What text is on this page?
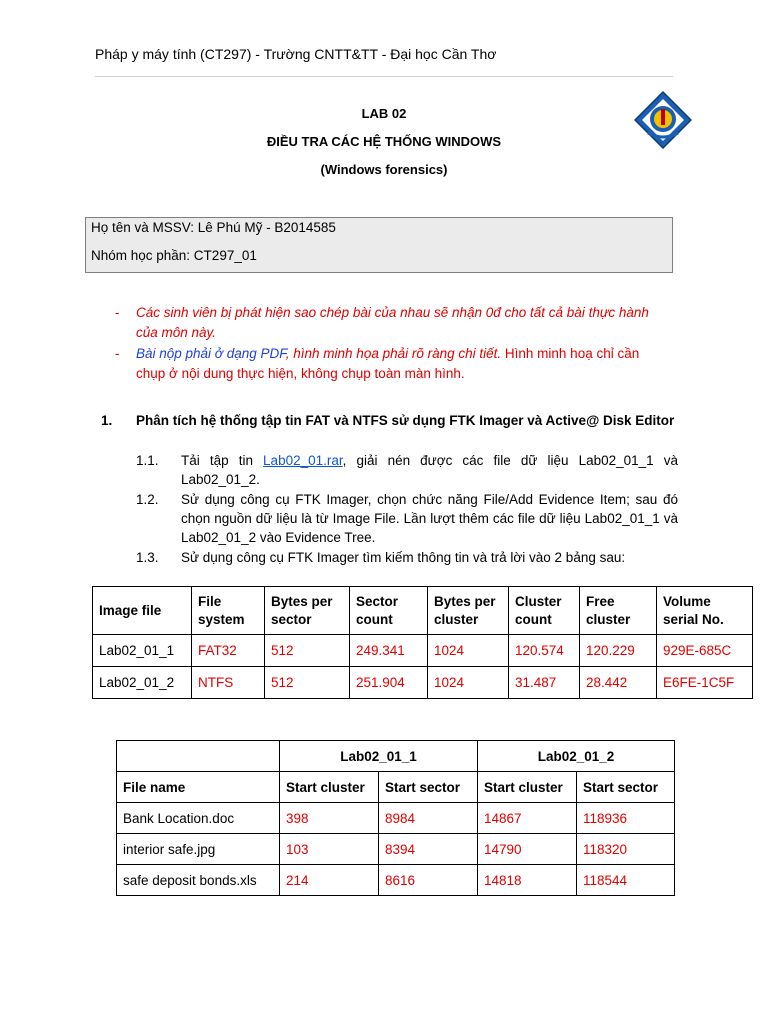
Pháp y máy tính (CT297) - Trường CNTT&TT - Đại học Cần Thơ
LAB 02
ĐIỀU TRA CÁC HỆ THỐNG WINDOWS
(Windows forensics)
Họ tên và MSSV: Lê Phú Mỹ - B2014585
Nhóm học phần: CT297_01
- Các sinh viên bị phát hiện sao chép bài của nhau sẽ nhận 0đ cho tất cả bài thực hành
của môn này.
- Bài nộp phải ở dạng PDF, hình minh họa phải rõ ràng chi tiết. Hình minh hoạ chỉ cần
chụp ở nội dung thực hiện, không chụp toàn màn hình.
1. Phân tích hệ thống tập tin FAT và NTFS sử dụng FTK Imager và Active@ Disk Editor
1.1. Tải tập tin Lab02_01.rar, giải nén được các file dữ liệu Lab02_01_1 và Lab02_01_2.
1.2. Sử dụng công cụ FTK Imager, chọn chức năng File/Add Evidence Item; sau đó chọn nguồn dữ liệu là từ Image File. Lần lượt thêm các file dữ liệu Lab02_01_1 và Lab02_01_2 vào Evidence Tree.
1.3. Sử dụng công cụ FTK Imager tìm kiếm thông tin và trả lời vào 2 bảng sau:
Image file	File system	Bytes per sector	Sector count	Bytes per cluster	Cluster count	Free cluster	Volume serial No.
Lab02_01_1	FAT32	512	249.341	1024	120.574	120.229	929E-685C
Lab02_01_2	NTFS	512	251.904	1024	31.487	28.442	E6FE-1C5F
	Lab02_01_1		Lab02_01_2	
File name	Start cluster	Start sector	Start cluster	Start sector
Bank Location.doc	398	8984	14867	118936
interior safe.jpg	103	8394	14790	118320
safe deposit bonds.xls	214	8616	14818	118544
